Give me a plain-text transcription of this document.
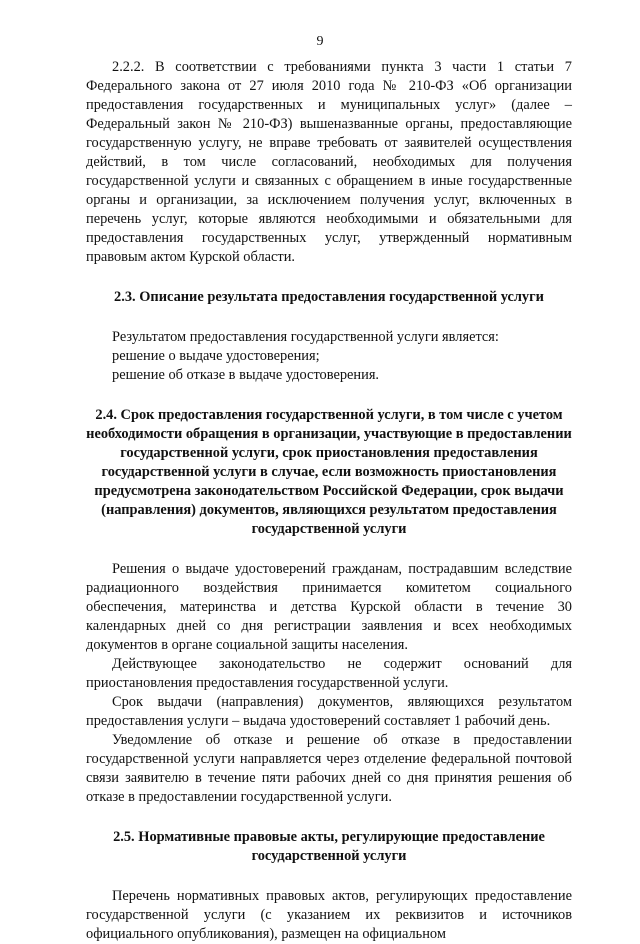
9

2.2.2. В соответствии с требованиями пункта 3 части 1 статьи 7 Федерального закона от 27 июля 2010 года № 210-ФЗ «Об организации предоставления государственных и муниципальных услуг» (далее – Федеральный закон № 210-ФЗ) вышеназванные органы, предоставляющие государственную услугу, не вправе требовать от заявителей осуществления действий, в том числе согласований, необходимых для получения государственной услуги и связанных с обращением в иные государственные органы и организации, за исключением получения услуг, включенных в перечень услуг, которые являются необходимыми и обязательными для предоставления государственных услуг, утвержденный нормативным правовым актом Курской области.

2.3. Описание результата предоставления государственной услуги

Результатом предоставления государственной услуги является:

решение о выдаче удостоверения;

решение об отказе в выдаче удостоверения.

2.4. Срок предоставления государственной услуги, в том числе с учетом необходимости обращения в организации, участвующие в предоставлении государственной услуги, срок приостановления предоставления государственной услуги в случае, если возможность приостановления предусмотрена законодательством Российской Федерации, срок выдачи (направления) документов, являющихся результатом предоставления государственной услуги

Решения о выдаче удостоверений гражданам, пострадавшим вследствие радиационного воздействия принимается комитетом социального обеспечения, материнства и детства Курской области в течение 30 календарных дней со дня регистрации заявления и всех необходимых документов в органе социальной защиты населения.

Действующее законодательство не содержит оснований для приостановления предоставления государственной услуги.

Срок выдачи (направления) документов, являющихся результатом предоставления услуги – выдача удостоверений составляет 1 рабочий день.

Уведомление об отказе и решение об отказе в предоставлении государственной услуги направляется через отделение федеральной почтовой связи заявителю в течение пяти рабочих дней со дня принятия решения об отказе в предоставлении государственной услуги.

2.5. Нормативные правовые акты, регулирующие предоставление государственной услуги

Перечень нормативных правовых актов, регулирующих предоставление государственной услуги (с указанием их реквизитов и источников официального опубликования), размещен на официальном
